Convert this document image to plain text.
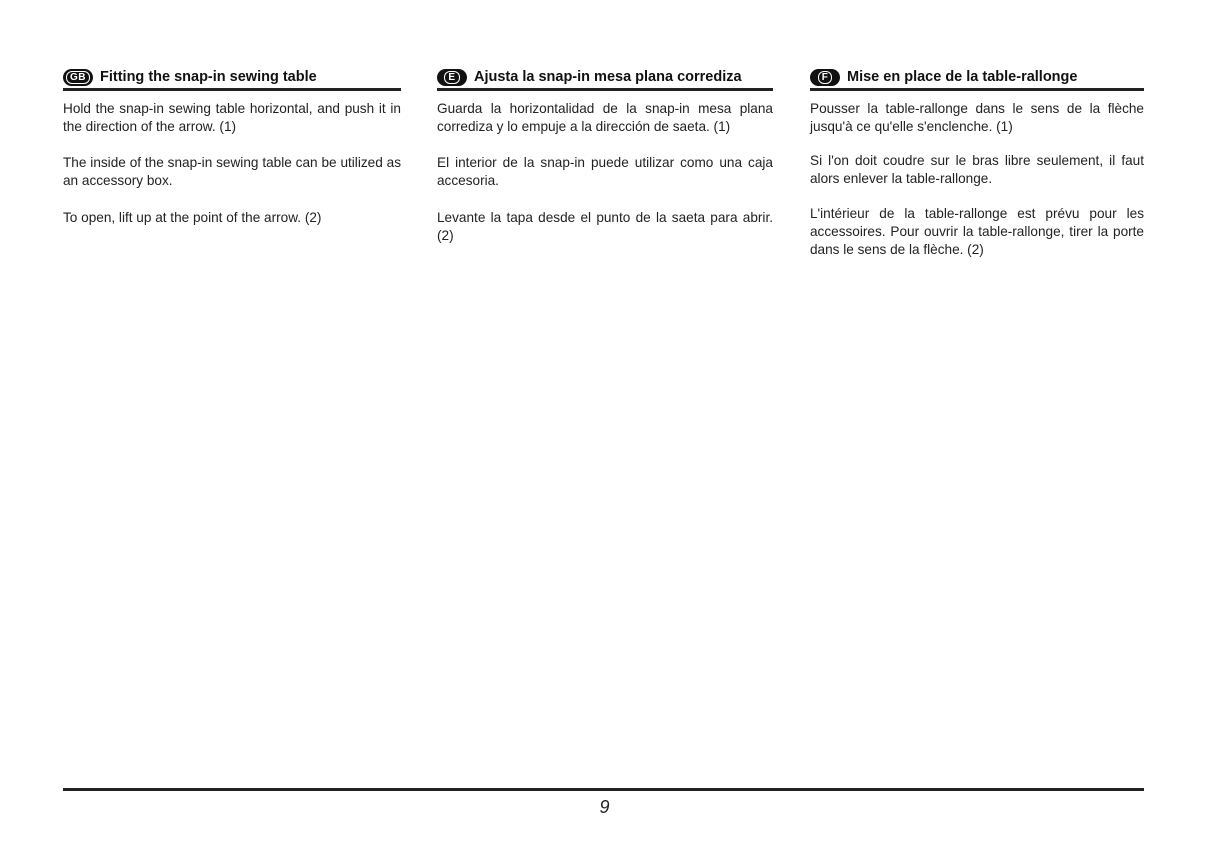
GB Fitting the snap-in sewing table

Hold the snap-in sewing table horizontal, and push it in the direction of the arrow. (1)

The inside of the snap-in sewing table can be utilized as an accessory box.

To open, lift up at the point of the arrow. (2)

E Ajusta la snap-in mesa plana corrediza

Guarda la horizontalidad de la snap-in mesa plana corrediza y lo empuje a la dirección de saeta. (1)

El interior de la snap-in puede utilizar como una caja accesoria.

Levante la tapa desde el punto de la saeta para abrir. (2)

F Mise en place de la table-rallonge

Pousser la table-rallonge dans le sens de la flèche jusqu'à ce qu'elle s'enclenche. (1)

Si l'on doit coudre sur le bras libre seulement, il faut alors enlever la table-rallonge.

L'intérieur de la table-rallonge est prévu pour les accessoires. Pour ouvrir la table-rallonge, tirer la porte dans le sens de la flèche. (2)

9
